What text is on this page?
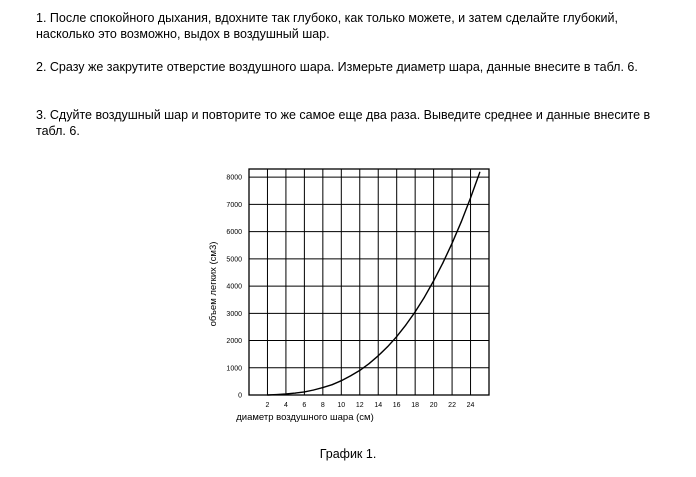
1. После спокойного дыхания, вдохните так глубоко, как только можете, и затем сделайте глубокий, насколько это возможно, выдох в воздушный шар.

2. Сразу же закрутите отверстие воздушного шара. Измерьте диаметр шара, данные внесите в табл. 6.

3. Сдуйте воздушный шар и повторите то же самое еще два раза. Выведите среднее и данные внесите в табл. 6.

2 4 6 8 10 12 14 16 18 20 22 24
0
1000
2000
3000
4000
5000
6000
7000
8000
диаметр воздушного шара (см)
объем легких (см3)

График 1.
